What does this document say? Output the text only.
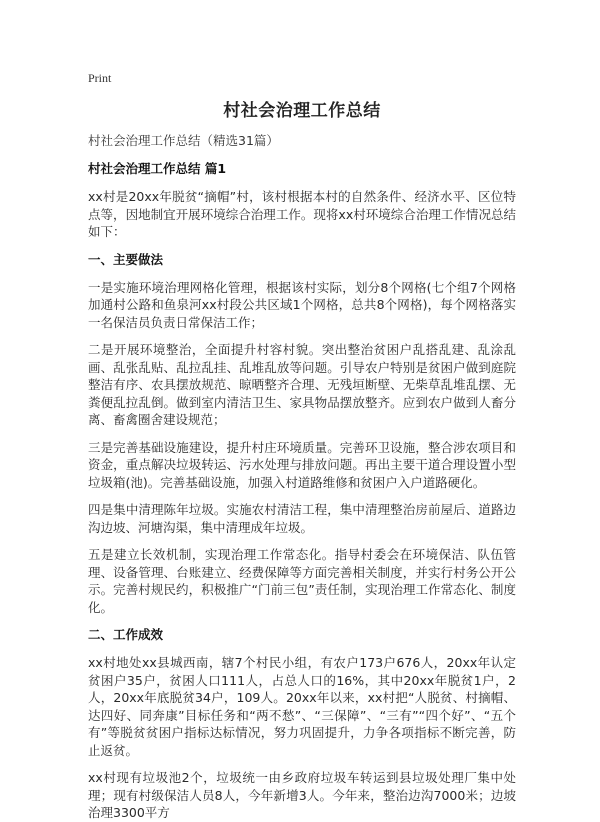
Print
村社会治理工作总结
村社会治理工作总结（精选31篇）
村社会治理工作总结 篇1

xx村是20xx年脱贫“摘帽”村，该村根据本村的自然条件、经济水平、区位特点等，因地制宜开展环境综合治理工作。现将xx村环境综合治理工作情况总结如下：

一、主要做法

一是实施环境治理网格化管理，根据该村实际，划分8个网格(七个组7个网格加通村公路和鱼泉河xx村段公共区域1个网格，总共8个网格)，每个网格落实一名保洁员负责日常保洁工作；

二是开展环境整治，全面提升村容村貌。突出整治贫困户乱搭乱建、乱涂乱画、乱张乱贴、乱拉乱挂、乱堆乱放等问题。引导农户特别是贫困户做到庭院整洁有序、农具摆放规范、晾晒整齐合理、无残垣断壁、无柴草乱堆乱摆、无粪便乱拉乱倒。做到室内清洁卫生、家具物品摆放整齐。应到农户做到人畜分离、畜禽圈舍建设规范；

三是完善基础设施建设，提升村庄环境质量。完善环卫设施，整合涉农项目和资金，重点解决垃圾转运、污水处理与排放问题。再出主要干道合理设置小型垃圾箱(池)。完善基础设施，加强入村道路维修和贫困户入户道路硬化。

四是集中清理陈年垃圾。实施农村清洁工程，集中清理整治房前屋后、道路边沟边坡、河塘沟渠，集中清理成年垃圾。

五是建立长效机制，实现治理工作常态化。指导村委会在环境保洁、队伍管理、设备管理、台账建立、经费保障等方面完善相关制度，并实行村务公开公示。完善村规民约，积极推广“门前三包”责任制，实现治理工作常态化、制度化。

二、工作成效

xx村地处xx县城西南，辖7个村民小组，有农户173户676人，20xx年认定贫困户35户，贫困人口111人，占总人口的16%，其中20xx年脱贫1户，2人，20xx年底脱贫34户，109人。20xx年以来，xx村把“人脱贫、村摘帽、达四好、同奔康”目标任务和“两不愁”、“三保障”、“三有”“四个好”、“五个有”等脱贫贫困户指标达标情况，努力巩固提升，力争各项指标不断完善，防止返贫。

xx村现有垃圾池2个，垃圾统一由乡政府垃圾车转运到县垃圾处理厂集中处理；现有村级保洁人员8人，今年新增3人。今年来，整治边沟7000米；边坡治理3300平方
